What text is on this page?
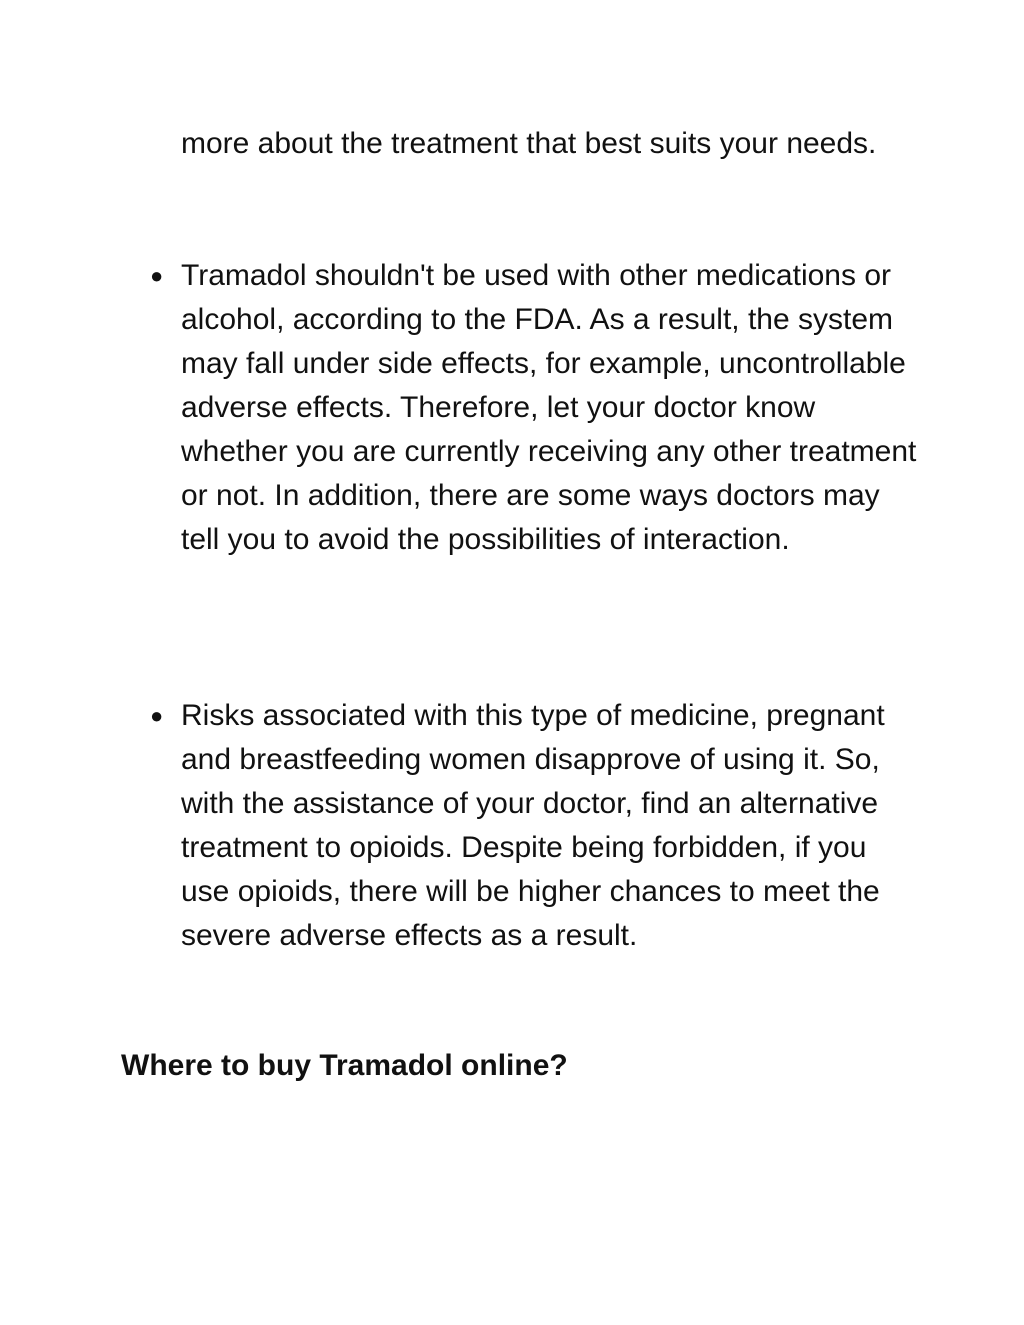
more about the treatment that best suits your needs.

● Tramadol shouldn't be used with other medications or alcohol, according to the FDA. As a result, the system may fall under side effects, for example, uncontrollable adverse effects. Therefore, let your doctor know whether you are currently receiving any other treatment or not. In addition, there are some ways doctors may tell you to avoid the possibilities of interaction.

● Risks associated with this type of medicine, pregnant and breastfeeding women disapprove of using it. So, with the assistance of your doctor, find an alternative treatment to opioids. Despite being forbidden, if you use opioids, there will be higher chances to meet the severe adverse effects as a result.

Where to buy Tramadol online?
